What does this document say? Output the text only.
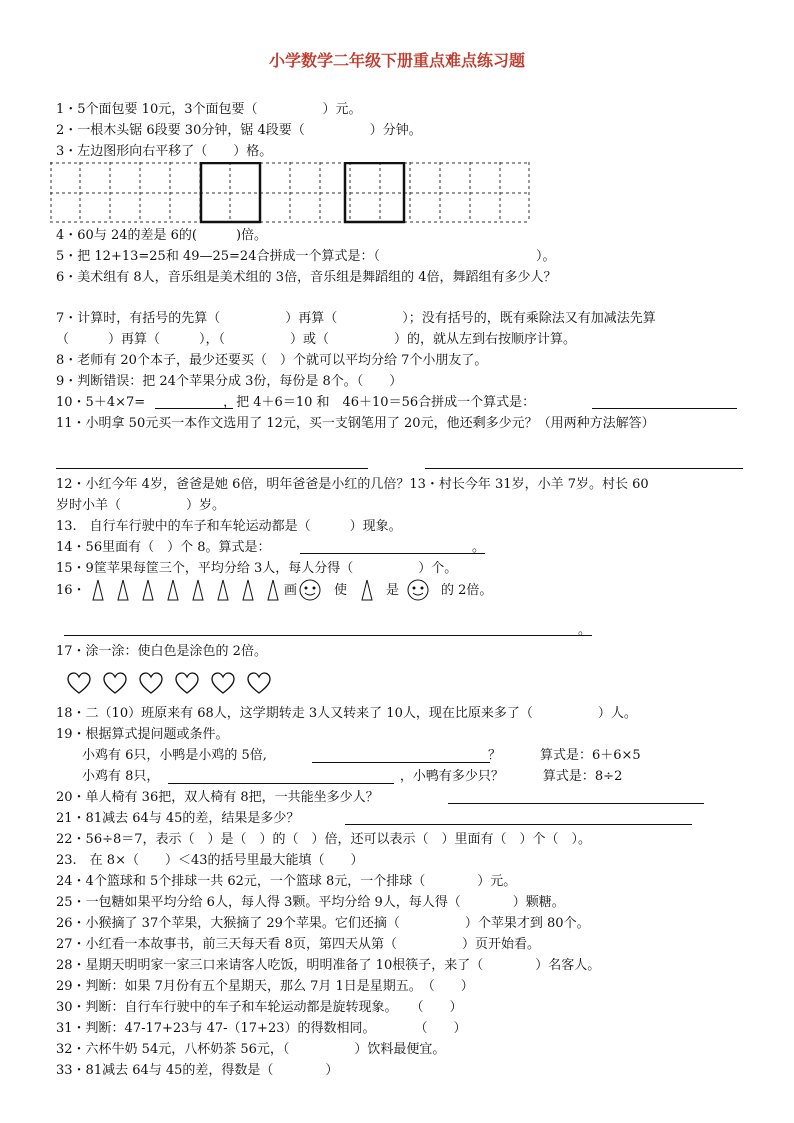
小学数学二年级下册重点难点练习题
1・5个面包要 10元，3个面包要（　　　　　）元。
2・一根木头锯 6段要 30分钟，锯 4段要（　　　　　）分钟。
3・左边图形向右平移了（　　）格。
4・60与 24的差是 6的(　　　)倍。
5・把 12+13=25和 49—25=24合拼成一个算式是：（　　　　　　　　　　　　）。
6・美术组有 8人，音乐组是美术组的 3倍，音乐组是舞蹈组的 4倍，舞蹈组有多少人？
7・计算时，有括号的先算（　　　　　）再算（　　　　　）；没有括号的，既有乘除法又有加减法先算
（　　　）再算（　　　），（　　　　　）或（　　　　　）的，就从左到右按顺序计算。
8・老师有 20个本子，最少还要买（　）个就可以平均分给 7个小朋友了。
9・判断错误：把 24个苹果分成 3份，每份是 8个。（　　）
10・5＋4×7=　　　　　　，把 4＋6＝10 和　46＋10＝56合拼成一个算式是：
11・小明拿 50元买一本作文选用了 12元，买一支钢笔用了 20元，他还剩多少元？（用两种方法解答）
12・小红今年 4岁，爸爸是她 6倍，明年爸爸是小红的几倍？13・村长今年 31岁，小羊 7岁。村长 60
岁时小羊（　　　　　）岁。
13.　自行车行驶中的车子和车轮运动都是（　　　）现象。
14・56里面有（　）个 8。算式是：　　　　　　　　　　　　　　　　。
15・9筐苹果每筐三个，平均分给 3人，每人分得（　　　　　）个。
16・	画	使	是	的 2倍。
。
17・涂一涂：使白色是涂色的 2倍。
18・二（10）班原来有 68人，这学期转走 3人又转来了 10人，现在比原来多了（　　　　　）人。
19・根据算式提问题或条件。
小鸡有 6只，小鸭是小鸡的 5倍,　　　　　　　　　　　　　　　　　？　　　算式是：6＋6×5
小鸡有 8只，　　　　　　　　　　　　　　　　　　　，小鸭有多少只？　　　算式是：8÷2
20・单人椅有 36把，双人椅有 8把，一共能坐多少人？
21・81减去 64与 45的差，结果是多少？
22・56÷8＝7，表示（　）是（　）的（　）倍，还可以表示（　）里面有（　）个（　）。
23.　在 8×（　　）＜43的括号里最大能填（　　）
24・4个篮球和 5个排球一共 62元，一个篮球 8元，一个排球（　　　　）元。
25・一包糖如果平均分给 6人，每人得 3颗。平均分给 9人，每人得（　　　　）颗糖。
26・小猴摘了 37个苹果，大猴摘了 29个苹果。它们还摘（　　　　　）个苹果才到 80个。
27・小红看一本故事书，前三天每天看 8页，第四天从第（　　　　　）页开始看。
28・星期天明明家一家三口来请客人吃饭，明明准备了 10根筷子，来了（　　　　）名客人。
29・判断：如果 7月份有五个星期天，那么 7月 1日是星期五。　（　　）
30・判断：自行车行驶中的车子和车轮运动都是旋转现象。　　（　　）
31・判断：47-17+23与 47-（17+23）的得数相同。　　　　（　　）
32・六杯牛奶 54元，八杯奶茶 56元，（　　　　　）饮料最便宜。
33・81减去 64与 45的差，得数是（　　　　）
